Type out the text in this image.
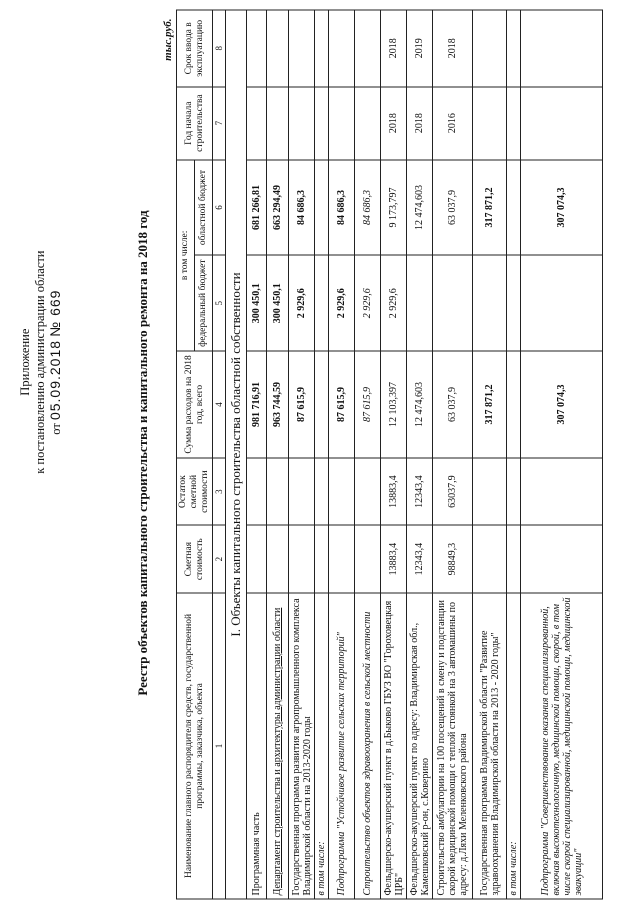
Приложение к постановлению администрации области от 05.09.2018 № 669	Реестр объектов капитального строительства и капитального ремонта на 2018 год
тыс.руб.
Наименование главного распорядителя средств, государственной программы, заказчика, объекта	Сметная стоимость	Остаток сметной стоимости	Сумма расходов на 2018 год, всего	в том числе:		Год начала строительства	Срок ввода в эксплуатацию
				федеральный бюджет	областной бюджет		
1	2	3	4	5	6	7	8
I. Объекты капитального строительства областной собственности							
Программная часть			981 716,91	300 450,1	681 266,81		
Департамент строительства и архитектуры администрации области			963 744,59	300 450,1	663 294,49		
Государственная программа развития агропромышленного комплекса Владимирской области на 2013-2020 годы			87 615,9	2 929,6	84 686,3		
в том числе:							
Подпрограмма "Устойчивое развитие сельских территорий"			87 615,9	2 929,6	84 686,3		
Строительство объектов здравоохранения в сельской местности			87 615,9	2 929,6	84 686,3		
Фельдшерско-акушерский пункт в д.Быково ГБУЗ ВО "Гороховецкая ЦРБ"	13883,4	13883,4	12 103,397	2 929,6	9 173,797	2018	2018
Фельдшерско-акушерский пункт по адресу: Владимирская обл., Камешковский р-он, с.Коверино	12343,4	12343,4	12 474,603		12 474,603	2018	2019
Строительство амбулатории на 100 посещений в смену и подстанции скорой медицинской помощи с теплой стоянкой на 3 автомашины по адресу: д.Ляхи Меленковского района	98849,3	63037,9	63 037,9		63 037,9	2016	2018
Государственная программа Владимирской области "Развитие здравоохранения Владимирской области на 2013 - 2020 годы"			317 871,2		317 871,2		
в том числе:							
Подпрограмма "Совершенствование оказания специализированной, включая высокотехнологичную, медицинской помощи, скорой, в том числе скорой специализированной, медицинской помощи, медицинской эвакуации"			307 074,3		307 074,3		
